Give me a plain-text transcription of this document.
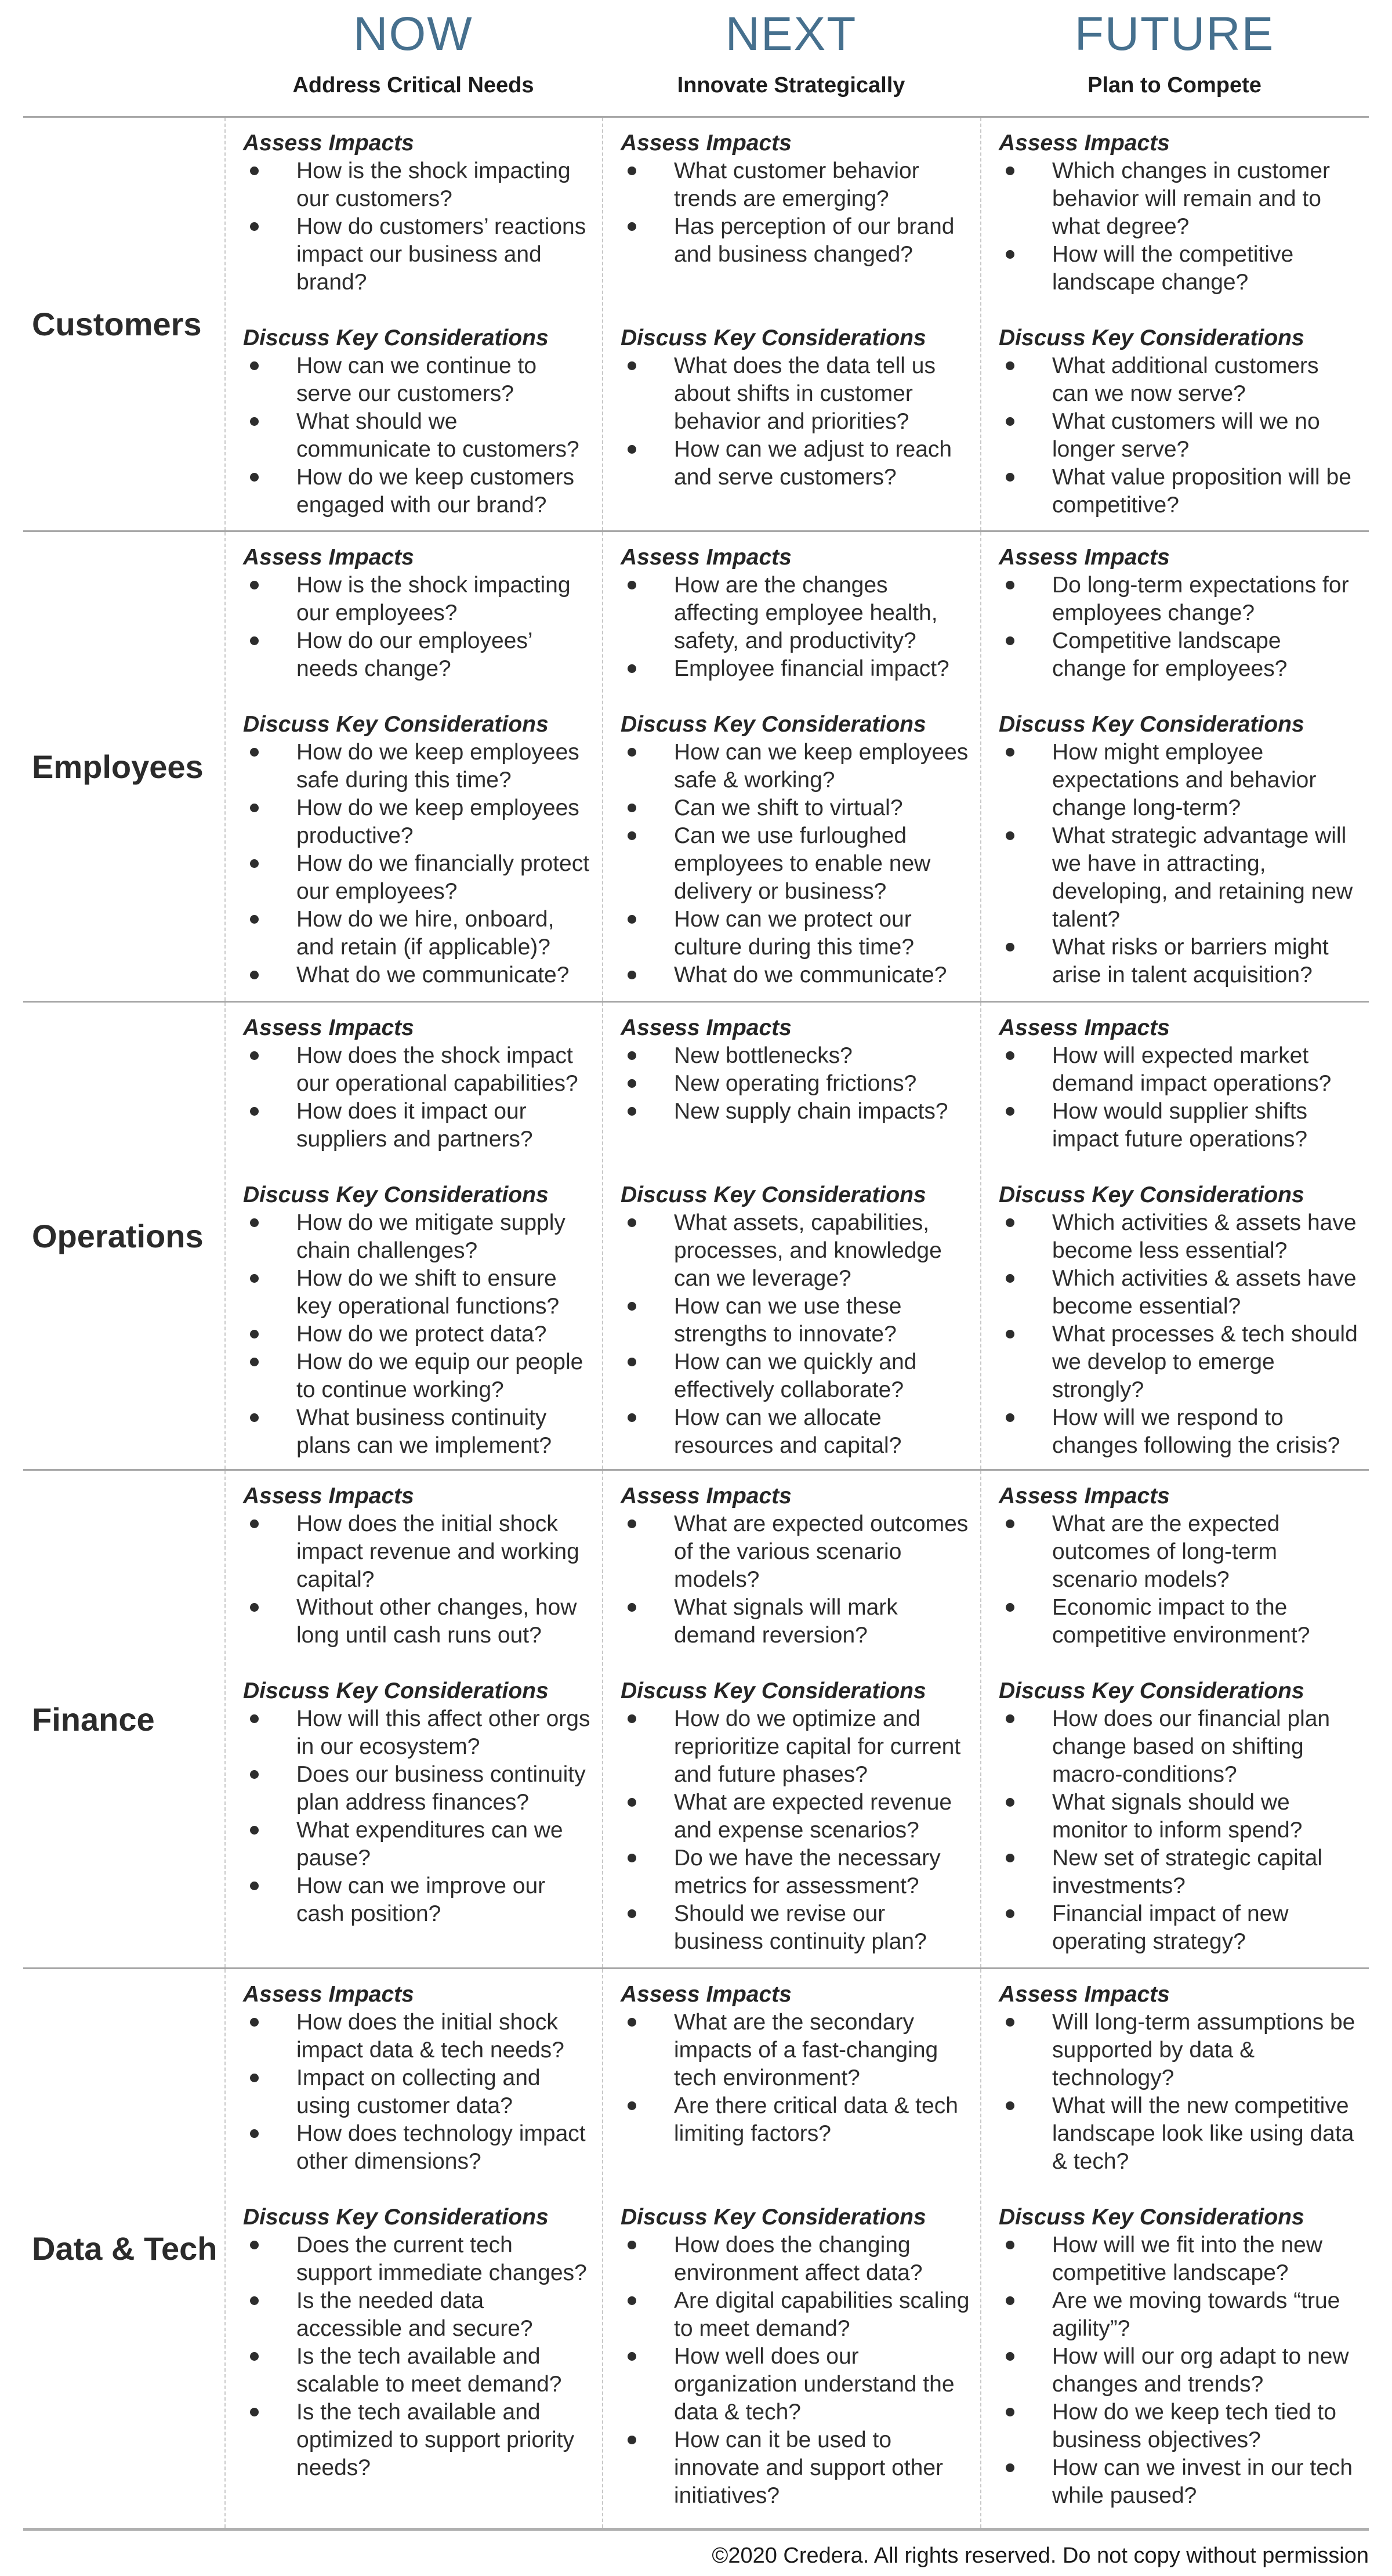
NOW
Address Critical Needs
NEXT
Innovate Strategically
FUTURE
Plan to Compete
Customers
Assess Impacts
How is the shock impacting our customers?
How do customers’ reactions impact our business and brand?
Discuss Key Considerations
How can we continue to serve our customers?
What should we communicate to customers?
How do we keep customers engaged with our brand?
Assess Impacts
What customer behavior trends are emerging?
Has perception of our brand and business changed?
Discuss Key Considerations
What does the data tell us about shifts in customer behavior and priorities?
How can we adjust to reach and serve customers?
Assess Impacts
Which changes in customer behavior will remain and to what degree?
How will the competitive landscape change?
Discuss Key Considerations
What additional customers can we now serve?
What customers will we no longer serve?
What value proposition will be competitive?
Employees
Assess Impacts
How is the shock impacting our employees?
How do our employees’ needs change?
Discuss Key Considerations
How do we keep employees safe during this time?
How do we keep employees productive?
How do we financially protect our employees?
How do we hire, onboard, and retain (if applicable)?
What do we communicate?
Assess Impacts
How are the changes affecting employee health, safety, and productivity?
Employee financial impact?
Discuss Key Considerations
How can we keep employees safe & working?
Can we shift to virtual?
Can we use furloughed employees to enable new delivery or business?
How can we protect our culture during this time?
What do we communicate?
Assess Impacts
Do long-term expectations for employees change?
Competitive landscape change for employees?
Discuss Key Considerations
How might employee expectations and behavior change long-term?
What strategic advantage will we have in attracting, developing, and retaining new talent?
What risks or barriers might arise in talent acquisition?
Operations
Assess Impacts
How does the shock impact our operational capabilities?
How does it impact our suppliers and partners?
Discuss Key Considerations
How do we mitigate supply chain challenges?
How do we shift to ensure key operational functions?
How do we protect data?
How do we equip our people to continue working?
What business continuity plans can we implement?
Assess Impacts
New bottlenecks?
New operating frictions?
New supply chain impacts?
Discuss Key Considerations
What assets, capabilities, processes, and knowledge can we leverage?
How can we use these strengths to innovate?
How can we quickly and effectively collaborate?
How can we allocate resources and capital?
Assess Impacts
How will expected market demand impact operations?
How would supplier shifts impact future operations?
Discuss Key Considerations
Which activities & assets have become less essential?
Which activities & assets have become essential?
What processes & tech should we develop to emerge strongly?
How will we respond to changes following the crisis?
Finance
Assess Impacts
How does the initial shock impact revenue and working capital?
Without other changes, how long until cash runs out?
Discuss Key Considerations
How will this affect other orgs in our ecosystem?
Does our business continuity plan address finances?
What expenditures can we pause?
How can we improve our cash position?
Assess Impacts
What are expected outcomes of the various scenario models?
What signals will mark demand reversion?
Discuss Key Considerations
How do we optimize and reprioritize capital for current and future phases?
What are expected revenue and expense scenarios?
Do we have the necessary metrics for assessment?
Should we revise our business continuity plan?
Assess Impacts
What are the expected outcomes of long-term scenario models?
Economic impact to the competitive environment?
Discuss Key Considerations
How does our financial plan change based on shifting macro-conditions?
What signals should we monitor to inform spend?
New set of strategic capital investments?
Financial impact of new operating strategy?
Data & Tech
Assess Impacts
How does the initial shock impact data & tech needs?
Impact on collecting and using customer data?
How does technology impact other dimensions?
Discuss Key Considerations
Does the current tech support immediate changes?
Is the needed data accessible and secure?
Is the tech available and scalable to meet demand?
Is the tech available and optimized to support priority needs?
Assess Impacts
What are the secondary impacts of a fast-changing tech environment?
Are there critical data & tech limiting factors?
Discuss Key Considerations
How does the changing environment affect data?
Are digital capabilities scaling to meet demand?
How well does our organization understand the data & tech?
How can it be used to innovate and support other initiatives?
Assess Impacts
Will long-term assumptions be supported by data & technology?
What will the new competitive landscape look like using data & tech?
Discuss Key Considerations
How will we fit into the new competitive landscape?
Are we moving towards “true agility”?
How will our org adapt to new changes and trends?
How do we keep tech tied to business objectives?
How can we invest in our tech while paused?
©2020 Credera. All rights reserved. Do not copy without permission
